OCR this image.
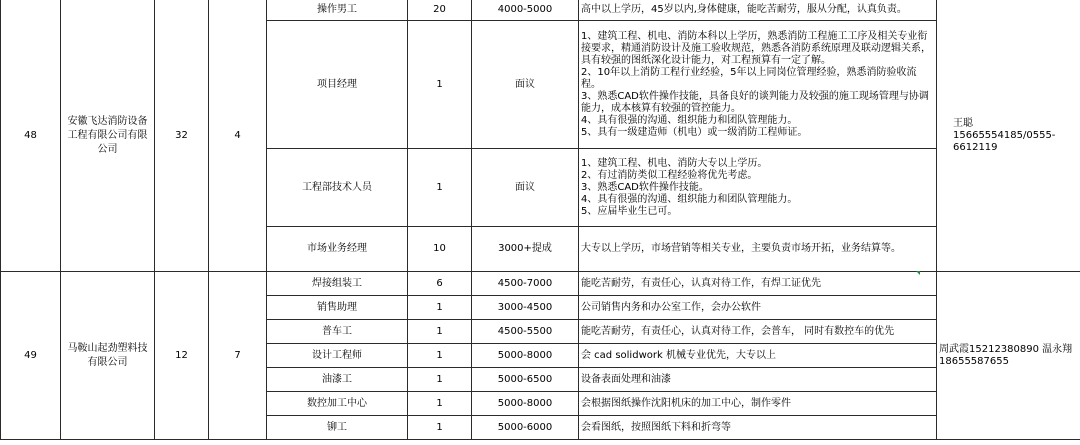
48	安徽飞达消防设备工程有限公司有限公司	32	4	操作男工	20	4000-5000	高中以上学历，45岁以内,身体健康，能吃苦耐劳，服从分配，认真负责。	王聪 15665554185/0555-6612119
				项目经理	1	面议	1、建筑工程、机电、消防本科以上学历，熟悉消防工程施工工序及相关专业衔接要求，精通消防设计及施工验收规范，熟悉各消防系统原理及联动逻辑关系，具有较强的图纸深化设计能力，对工程预算有一定了解。
2、10年以上消防工程行业经验，5年以上同岗位管理经验，熟悉消防验收流程。
3、熟悉CAD软件操作技能，具备良好的谈判能力及较强的施工现场管理与协调能力，成本核算有较强的管控能力。
4、具有很强的沟通、组织能力和团队管理能力。
5、具有一级建造师（机电）或一级消防工程师证。	
				工程部技术人员	1	面议	1、建筑工程、机电、消防大专以上学历。
2、有过消防类似工程经验将优先考虑。
3、熟悉CAD软件操作技能。
4、具有很强的沟通、组织能力和团队管理能力。
5、应届毕业生已可。	
				市场业务经理	10	3000+提成	大专以上学历，市场营销等相关专业，主要负责市场开拓，业务结算等。	
49	马鞍山起劲塑料技有限公司	12	7	焊接组装工	6	4500-7000	能吃苦耐劳，有责任心，认真对待工作，有焊工证优先	周武霞15212380890 温永翔 18655587655
				销售助理	1	3000-4500	公司销售内务和办公室工作，会办公软件	
				普车工	1	4500-5500	能吃苦耐劳，有责任心，认真对待工作，会普车， 同时有数控车的优先	
				设计工程师	1	5000-8000	会 cad solidwork 机械专业优先，大专以上	
				油漆工	1	5000-6500	设备表面处理和油漆	
				数控加工中心	1	5000-8000	会根据图纸操作沈阳机床的加工中心，制作零件	
				铆工	1	5000-6000	会看图纸，按照图纸下料和折弯等	
